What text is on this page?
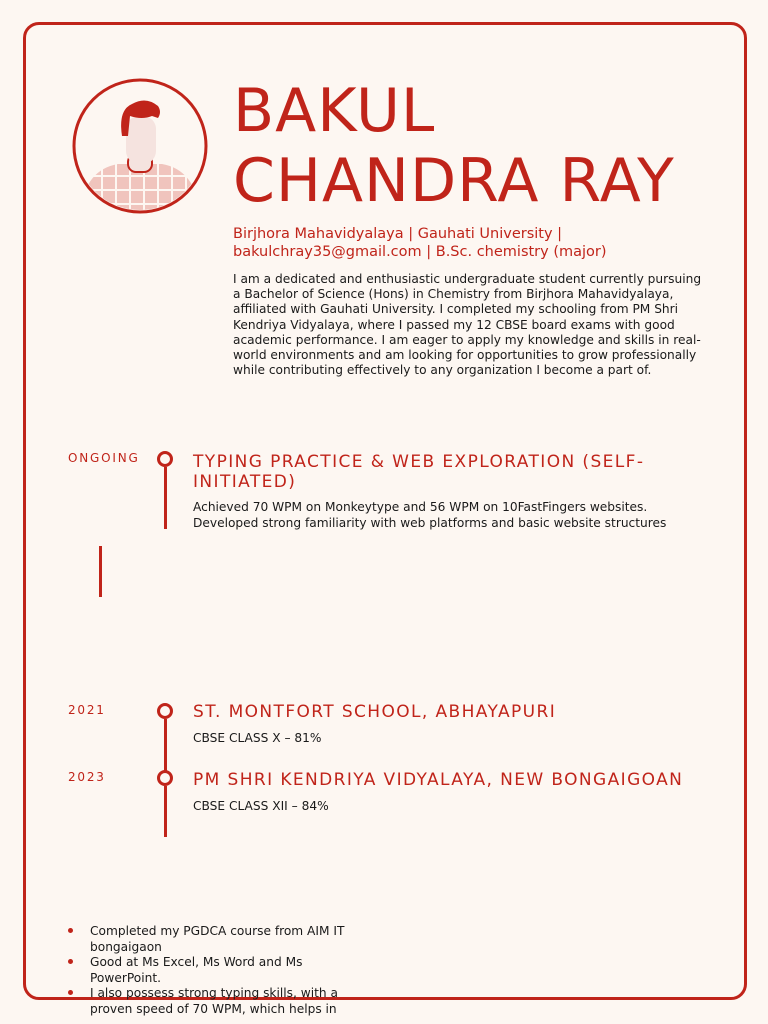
BAKUL
CHANDRA RAY
Birjhora Mahavidyalaya | Gauhati University | bakulchray35@gmail.com | B.Sc. chemistry (major)
I am a dedicated and enthusiastic undergraduate student currently pursuing a Bachelor of Science (Hons) in Chemistry from Birjhora Mahavidyalaya, affiliated with Gauhati University. I completed my schooling from PM Shri Kendriya Vidyalaya, where I passed my 12 CBSE board exams with good academic performance. I am eager to apply my knowledge and skills in real-world environments and am looking for opportunities to grow professionally while contributing effectively to any organization I become a part of.
ONGOING	TYPING PRACTICE & WEB EXPLORATION (SELF-INITIATED)
Achieved 70 WPM on Monkeytype and 56 WPM on 10FastFingers websites. Developed strong familiarity with web platforms and basic website structures
2021	ST. MONTFORT SCHOOL, ABHAYAPURI
CBSE CLASS X – 81%
2023	PM SHRI KENDRIYA VIDYALAYA, NEW BONGAIGOAN
CBSE CLASS XII – 84%
Completed my PGDCA course from AIM IT bongaigaon
Good at Ms Excel, Ms Word and Ms PowerPoint.
I also possess strong typing skills, with a proven speed of 70 WPM, which helps in
